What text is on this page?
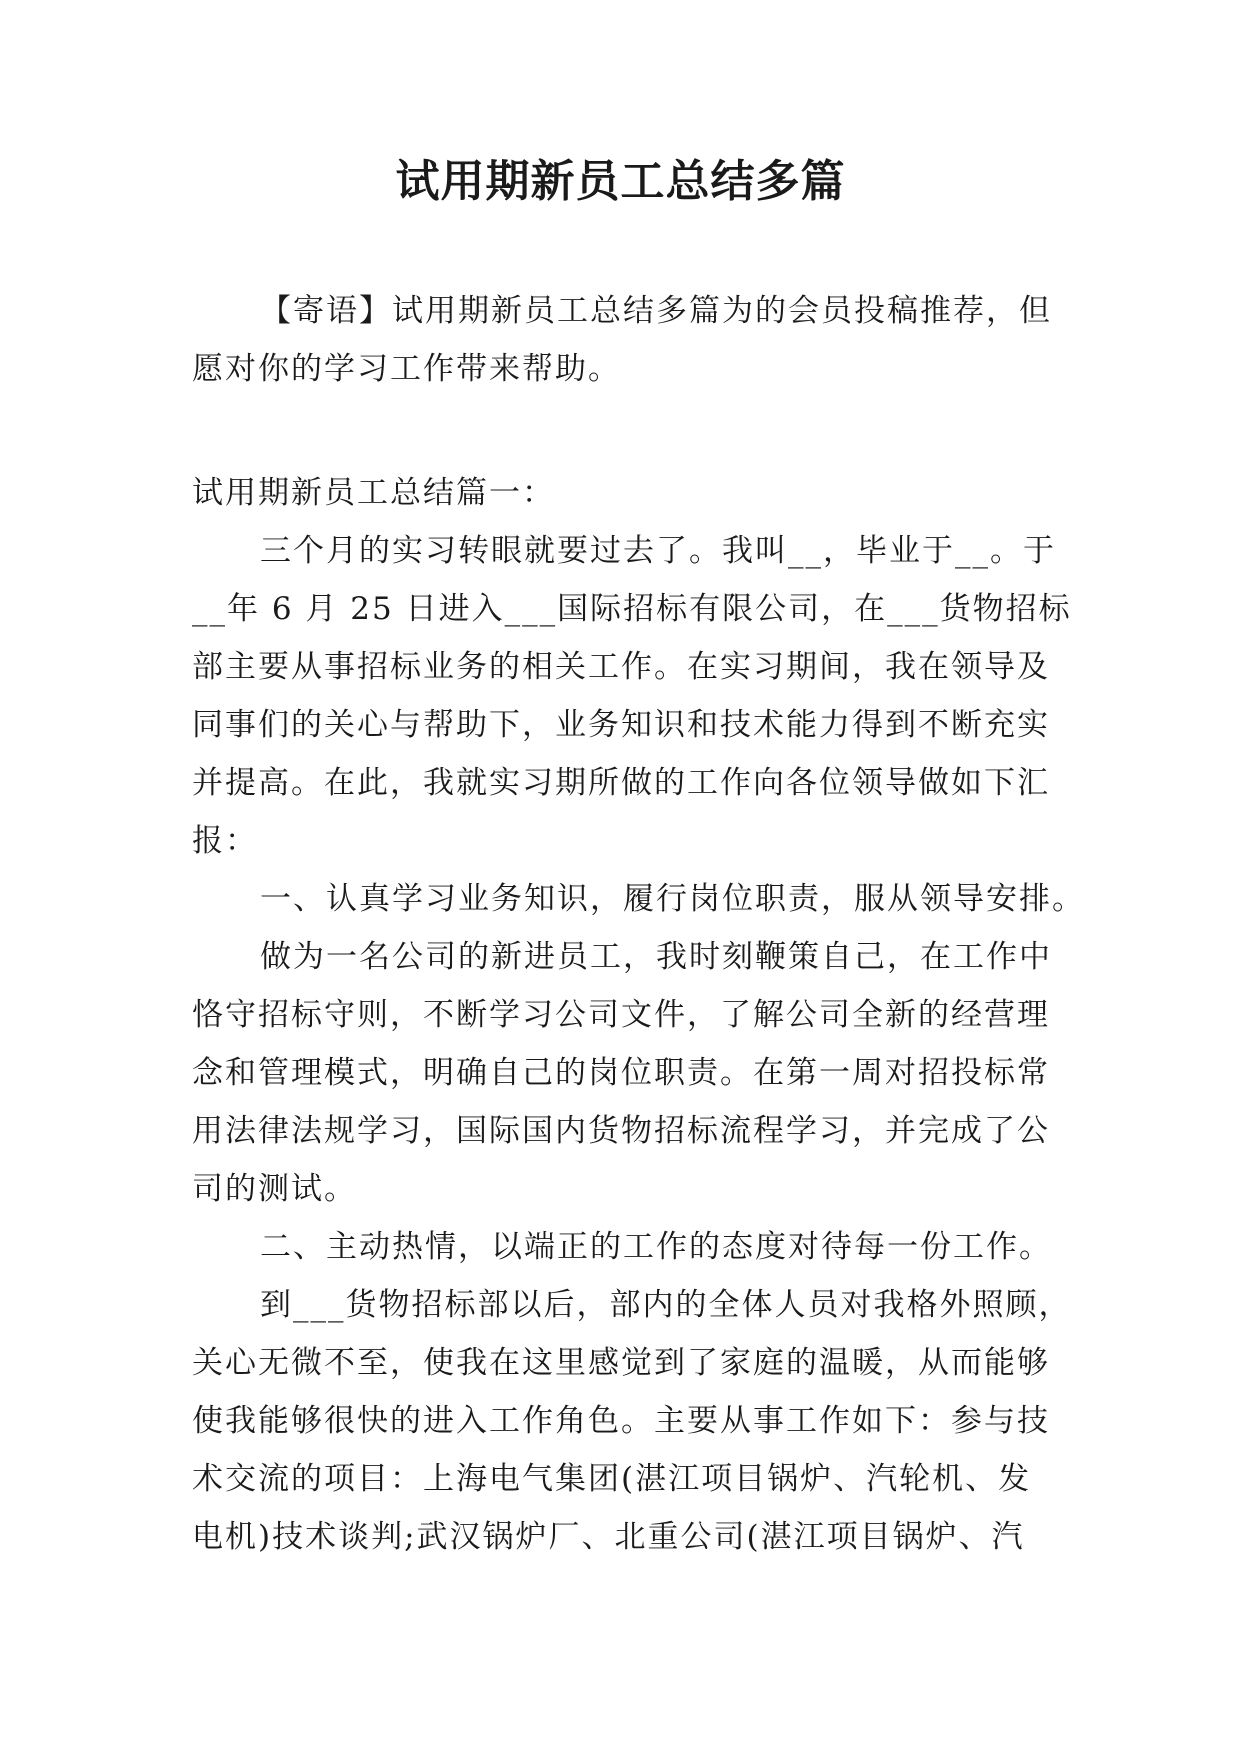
试用期新员工总结多篇
【寄语】试用期新员工总结多篇为的会员投稿推荐，但
愿对你的学习工作带来帮助。
试用期新员工总结篇一：
三个月的实习转眼就要过去了。我叫__，毕业于__。于
__年 6 月 25 日进入___国际招标有限公司，在___货物招标
部主要从事招标业务的相关工作。在实习期间，我在领导及
同事们的关心与帮助下，业务知识和技术能力得到不断充实
并提高。在此，我就实习期所做的工作向各位领导做如下汇
报：
一、认真学习业务知识，履行岗位职责，服从领导安排。
做为一名公司的新进员工，我时刻鞭策自己，在工作中
恪守招标守则，不断学习公司文件，了解公司全新的经营理
念和管理模式，明确自己的岗位职责。在第一周对招投标常
用法律法规学习，国际国内货物招标流程学习，并完成了公
司的测试。
二、主动热情，以端正的工作的态度对待每一份工作。
到___货物招标部以后，部内的全体人员对我格外照顾，
关心无微不至，使我在这里感觉到了家庭的温暖，从而能够
使我能够很快的进入工作角色。主要从事工作如下：参与技
术交流的项目：上海电气集团(湛江项目锅炉、汽轮机、发
电机)技术谈判;武汉锅炉厂、北重公司(湛江项目锅炉、汽
